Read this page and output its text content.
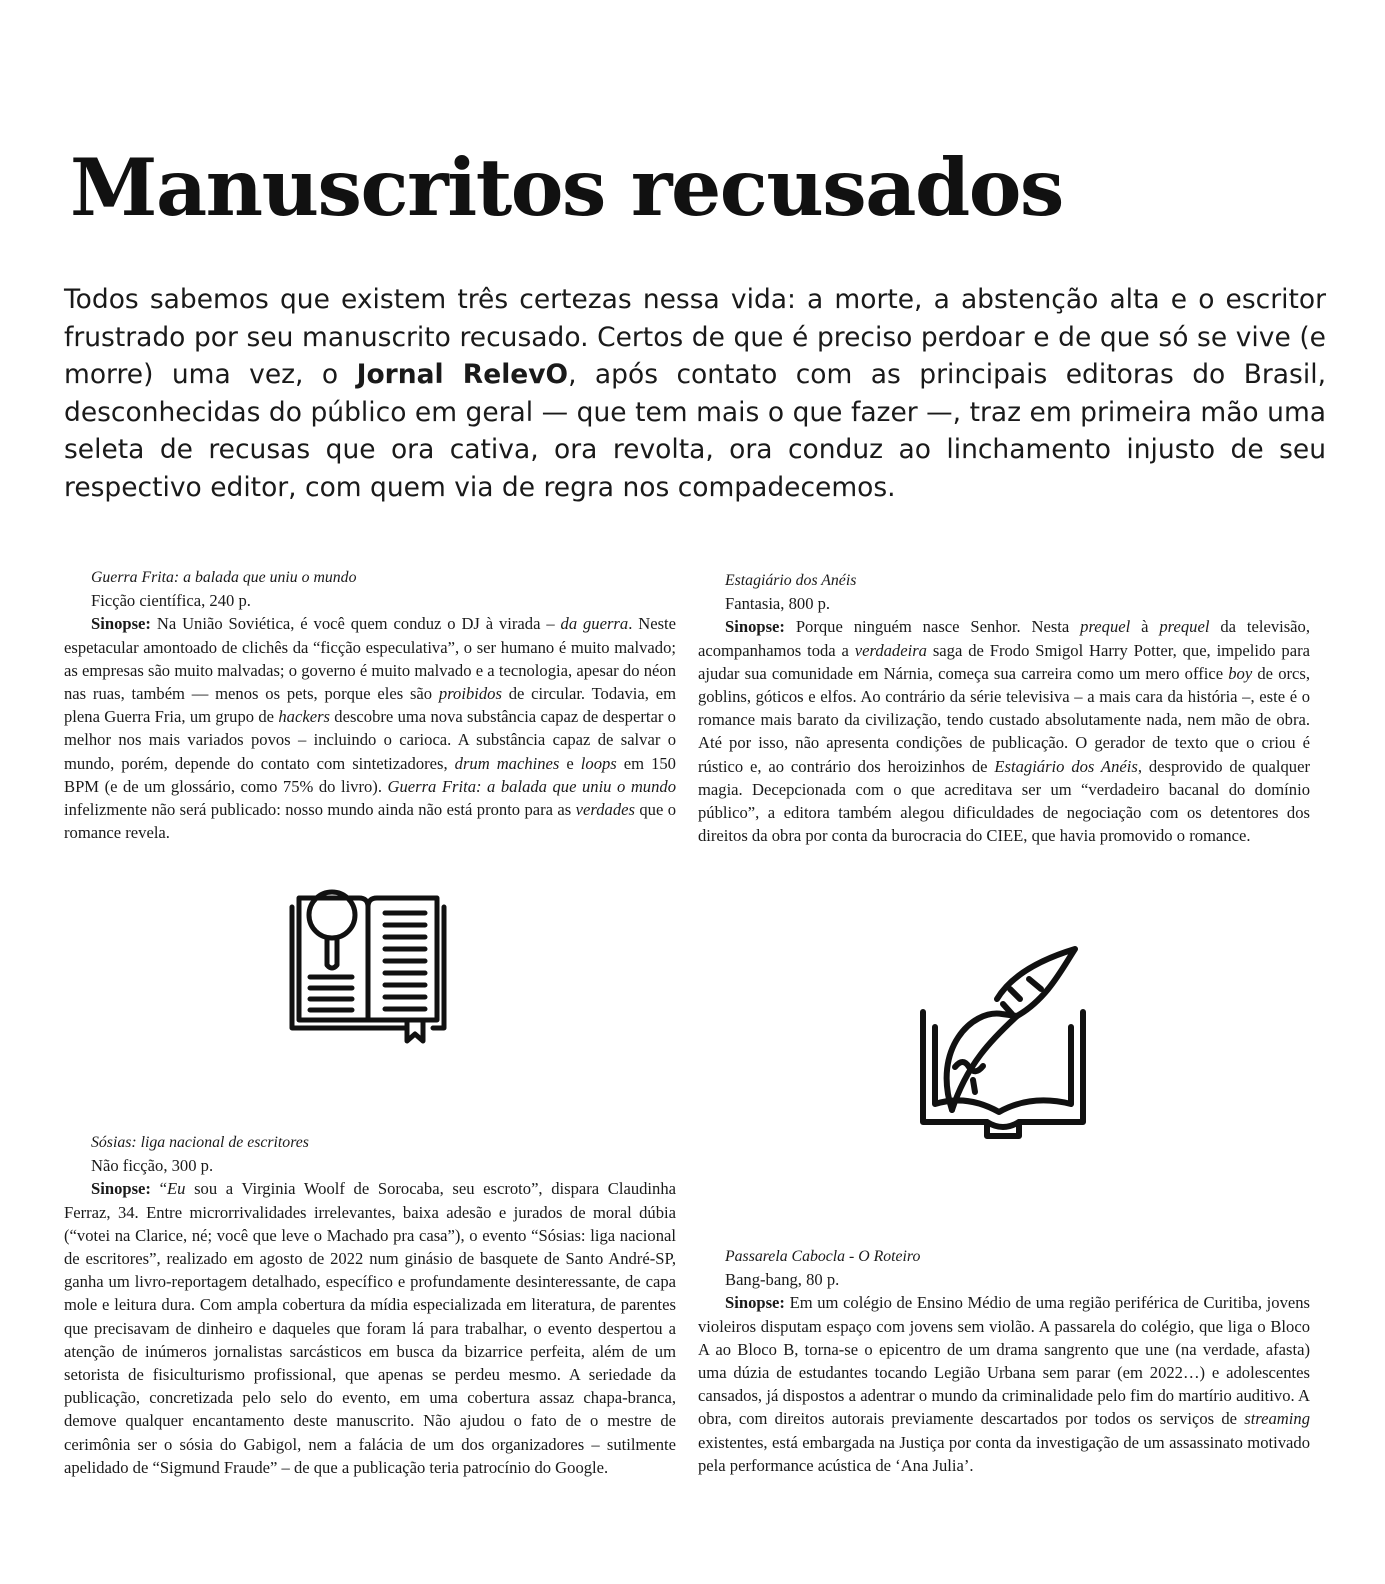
Manuscritos recusados

Todos sabemos que existem três certezas nessa vida: a morte, a abstenção alta e o escritor frustrado por seu manuscrito recusado. Certos de que é preciso perdoar e de que só se vive (e morre) uma vez, o Jornal RelevO, após contato com as principais editoras do Brasil, desconhecidas do público em geral — que tem mais o que fazer —, traz em primeira mão uma seleta de recusas que ora cativa, ora revolta, ora conduz ao linchamento injusto de seu respectivo editor, com quem via de regra nos compadecemos.

Guerra Frita: a balada que uniu o mundo

Ficção científica, 240 p.

Sinopse: Na União Soviética, é você quem conduz o DJ à virada – da guerra. Neste espetacular amontoado de clichês da “ficção especulativa”, o ser humano é muito malvado; as empresas são muito malvadas; o governo é muito malvado e a tecnologia, apesar do néon nas ruas, também — menos os pets, porque eles são proibidos de circular. Todavia, em plena Guerra Fria, um grupo de hackers descobre uma nova substância capaz de despertar o melhor nos mais variados povos – incluindo o carioca. A substância capaz de salvar o mundo, porém, depende do contato com sintetizadores, drum machines e loops em 150 BPM (e de um glossário, como 75% do livro). Guerra Frita: a balada que uniu o mundo infelizmente não será publicado: nosso mundo ainda não está pronto para as verdades que o romance revela.

Estagiário dos Anéis

Fantasia, 800 p.

Sinopse: Porque ninguém nasce Senhor. Nesta prequel à prequel da televisão, acompanhamos toda a verdadeira saga de Frodo Smigol Harry Potter, que, impelido para ajudar sua comunidade em Nárnia, começa sua carreira como um mero office boy de orcs, goblins, góticos e elfos. Ao contrário da série televisiva – a mais cara da história –, este é o romance mais barato da civilização, tendo custado absolutamente nada, nem mão de obra. Até por isso, não apresenta condições de publicação. O gerador de texto que o criou é rústico e, ao contrário dos heroizinhos de Estagiário dos Anéis, desprovido de qualquer magia. Decepcionada com o que acreditava ser um “verdadeiro bacanal do domínio público”, a editora também alegou dificuldades de negociação com os detentores dos direitos da obra por conta da burocracia do CIEE, que havia promovido o romance.

Sósias: liga nacional de escritores

Não ficção, 300 p.

Sinopse: “Eu sou a Virginia Woolf de Sorocaba, seu escroto”, dispara Claudinha Ferraz, 34. Entre microrrivalidades irrelevantes, baixa adesão e jurados de moral dúbia (“votei na Clarice, né; você que leve o Machado pra casa”), o evento “Sósias: liga nacional de escritores”, realizado em agosto de 2022 num ginásio de basquete de Santo André-SP, ganha um livro-reportagem detalhado, específico e profundamente desinteressante, de capa mole e leitura dura. Com ampla cobertura da mídia especializada em literatura, de parentes que precisavam de dinheiro e daqueles que foram lá para trabalhar, o evento despertou a atenção de inúmeros jornalistas sarcásticos em busca da bizarrice perfeita, além de um setorista de fisiculturismo profissional, que apenas se perdeu mesmo. A seriedade da publicação, concretizada pelo selo do evento, em uma cobertura assaz chapa-branca, demove qualquer encantamento deste manuscrito. Não ajudou o fato de o mestre de cerimônia ser o sósia do Gabigol, nem a falácia de um dos organizadores – sutilmente apelidado de “Sigmund Fraude” – de que a publicação teria patrocínio do Google.

Passarela Cabocla - O Roteiro

Bang-bang, 80 p.

Sinopse: Em um colégio de Ensino Médio de uma região periférica de Curitiba, jovens violeiros disputam espaço com jovens sem violão. A passarela do colégio, que liga o Bloco A ao Bloco B, torna-se o epicentro de um drama sangrento que une (na verdade, afasta) uma dúzia de estudantes tocando Legião Urbana sem parar (em 2022…) e adolescentes cansados, já dispostos a adentrar o mundo da criminalidade pelo fim do martírio auditivo. A obra, com direitos autorais previamente descartados por todos os serviços de streaming existentes, está embargada na Justiça por conta da investigação de um assassinato motivado pela performance acústica de ‘Ana Julia’.
